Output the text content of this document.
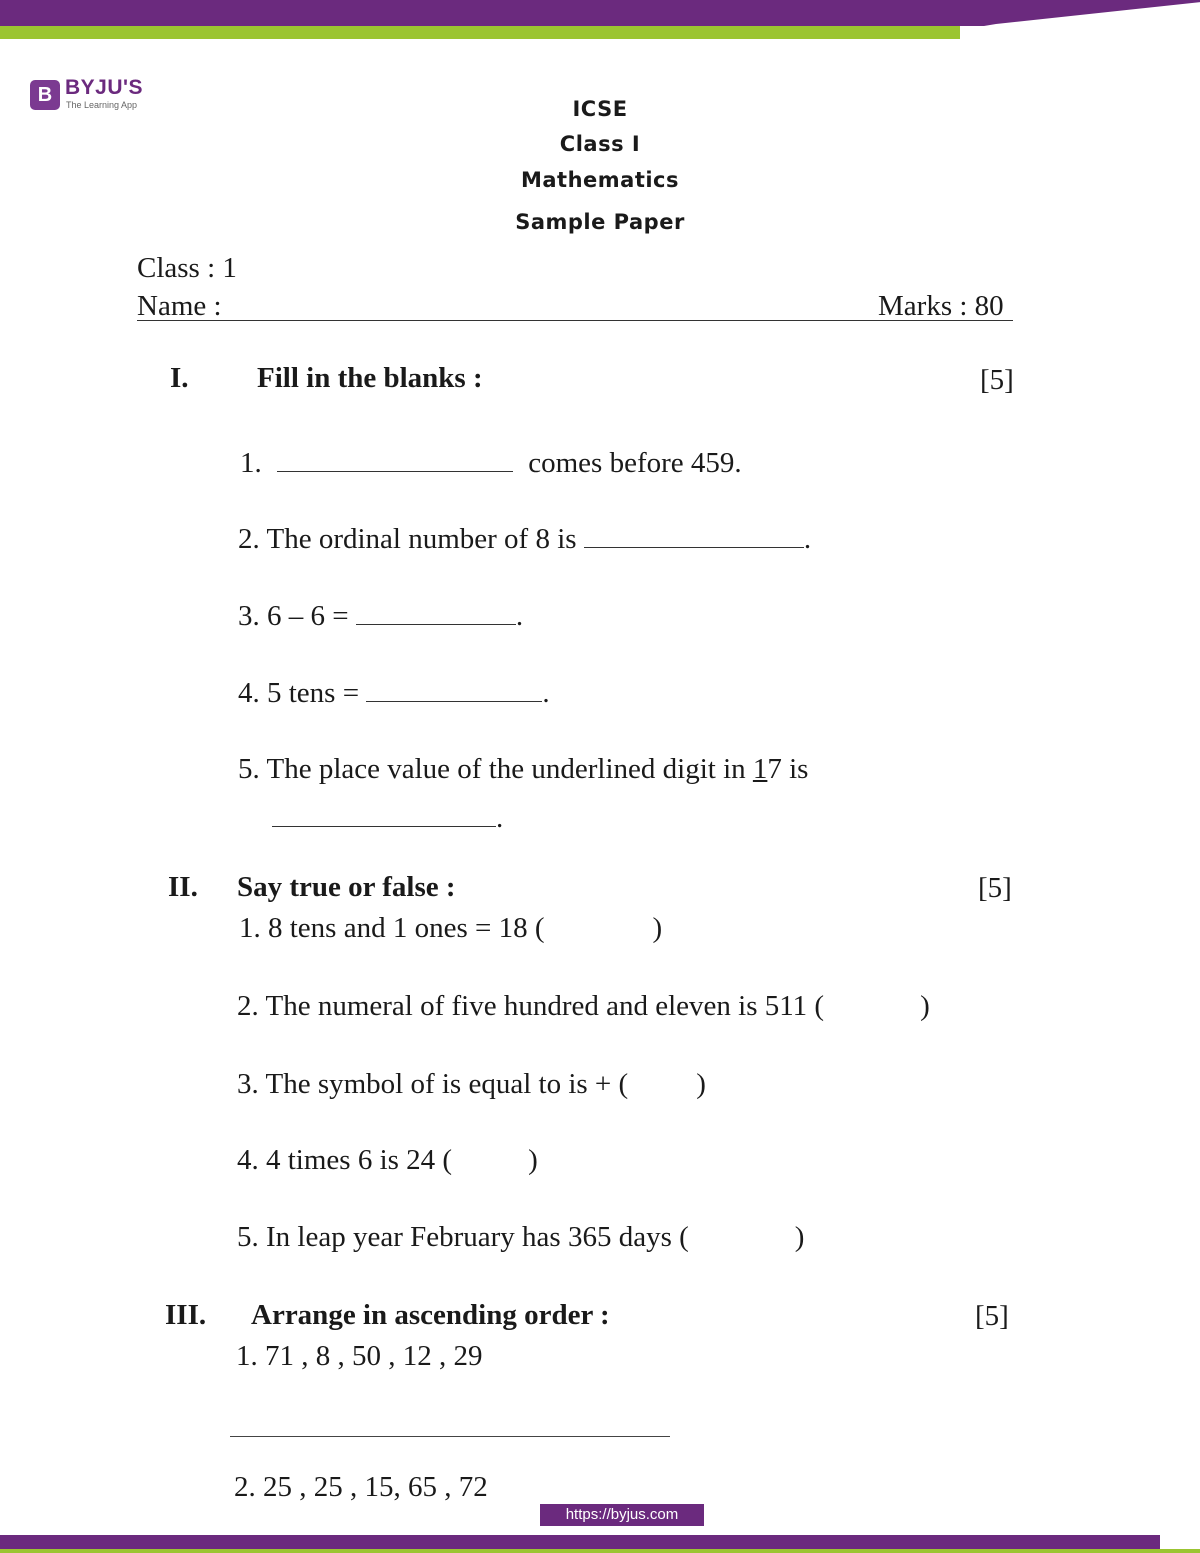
https://byjus.com
B BYJU'S
The Learning App	ICSE
Class I
Mathematics
Sample Paper
Class : 1
Name :	Marks : 80
I. Fill in the blanks :	[5]
1.	comes before 459.
2. The ordinal number of 8 is	.
3. 6 – 6 =	.
4. 5 tens =	.
5. The place value of the underlined digit in 17 is
.
II. Say true or false :	[5]
1. 8 tens and 1 ones = 18 (	)
2. The numeral of five hundred and eleven is 511 (	)
3. The symbol of is equal to is + ( )
4. 4 times 6 is 24 (	)
5. In leap year February has 365 days (	)
III. Arrange in ascending order :	[5]
1. 71 , 8 , 50 , 12 , 29
2. 25 , 25 , 15, 65 , 72
